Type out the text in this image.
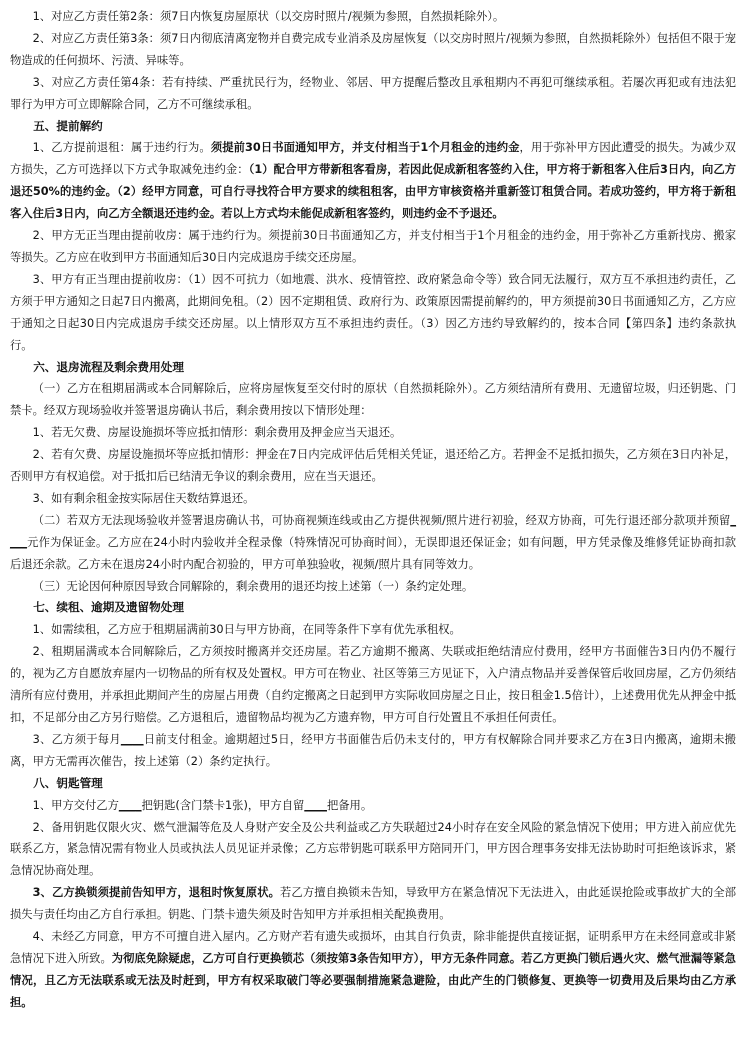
1、对应乙方责任第2条：须7日内恢复房屋原状（以交房时照片/视频为参照，自然损耗除外）。

2、对应乙方责任第3条：须7日内彻底清离宠物并自费完成专业消杀及房屋恢复（以交房时照片/视频为参照，自然损耗除外）包括但不限于宠物造成的任何损坏、污渍、异味等。

3、对应乙方责任第4条：若有持续、严重扰民行为，经物业、邻居、甲方提醒后整改且承租期内不再犯可继续承租。若屡次再犯或有违法犯罪行为甲方可立即解除合同，乙方不可继续承租。

五、提前解约

1、乙方提前退租：属于违约行为。须提前30日书面通知甲方，并支付相当于1个月租金的违约金，用于弥补甲方因此遭受的损失。为减少双方损失，乙方可选择以下方式争取减免违约金：（1）配合甲方带新租客看房，若因此促成新租客签约入住，甲方将于新租客入住后3日内，向乙方退还50%的违约金。（2）经甲方同意，可自行寻找符合甲方要求的续租租客，由甲方审核资格并重新签订租赁合同。若成功签约，甲方将于新租客入住后3日内，向乙方全额退还违约金。若以上方式均未能促成新租客签约，则违约金不予退还。

2、甲方无正当理由提前收房：属于违约行为。须提前30日书面通知乙方，并支付相当于1个月租金的违约金，用于弥补乙方重新找房、搬家等损失。乙方应在收到甲方书面通知后30日内完成退房手续交还房屋。

3、甲方有正当理由提前收房：（1）因不可抗力（如地震、洪水、疫情管控、政府紧急命令等）致合同无法履行，双方互不承担违约责任，乙方须于甲方通知之日起7日内搬离，此期间免租。（2）因不定期租赁、政府行为、政策原因需提前解约的，甲方须提前30日书面通知乙方，乙方应于通知之日起30日内完成退房手续交还房屋。以上情形双方互不承担违约责任。（3）因乙方违约导致解约的，按本合同【第四条】违约条款执行。

六、退房流程及剩余费用处理

（一）乙方在租期届满或本合同解除后，应将房屋恢复至交付时的原状（自然损耗除外）。乙方须结清所有费用、无遗留垃圾，归还钥匙、门禁卡。经双方现场验收并签署退房确认书后，剩余费用按以下情形处理：

1、若无欠费、房屋设施损坏等应抵扣情形：剩余费用及押金应当天退还。

2、若有欠费、房屋设施损坏等应抵扣情形：押金在7日内完成评估后凭相关凭证，退还给乙方。若押金不足抵扣损失，乙方须在3日内补足，否则甲方有权追偿。对于抵扣后已结清无争议的剩余费用，应在当天退还。

3、如有剩余租金按实际居住天数结算退还。

（二）若双方无法现场验收并签署退房确认书，可协商视频连线或由乙方提供视频/照片进行初验，经双方协商，可先行退还部分款项并预留____元作为保证金。乙方应在24小时内验收并全程录像（特殊情况可协商时间），无误即退还保证金；如有问题，甲方凭录像及维修凭证协商扣款后退还余款。乙方未在退房24小时内配合初验的，甲方可单独验收，视频/照片具有同等效力。

（三）无论因何种原因导致合同解除的，剩余费用的退还均按上述第（一）条约定处理。

七、续租、逾期及遗留物处理

1、如需续租，乙方应于租期届满前30日与甲方协商，在同等条件下享有优先承租权。

2、租期届满或本合同解除后，乙方须按时搬离并交还房屋。若乙方逾期不搬离、失联或拒绝结清应付费用，经甲方书面催告3日内仍不履行的，视为乙方自愿放弃屋内一切物品的所有权及处置权。甲方可在物业、社区等第三方见证下，入户清点物品并妥善保管后收回房屋，乙方仍须结清所有应付费用，并承担此期间产生的房屋占用费（自约定搬离之日起到甲方实际收回房屋之日止，按日租金1.5倍计），上述费用优先从押金中抵扣，不足部分由乙方另行赔偿。乙方退租后，遗留物品均视为乙方遗弃物，甲方可自行处置且不承担任何责任。

3、乙方须于每月____日前支付租金。逾期超过5日，经甲方书面催告后仍未支付的，甲方有权解除合同并要求乙方在3日内搬离，逾期未搬离，甲方无需再次催告，按上述第（2）条约定执行。

八、钥匙管理

1、甲方交付乙方____把钥匙(含门禁卡1张)，甲方自留____把备用。

2、备用钥匙仅限火灾、燃气泄漏等危及人身财产安全及公共利益或乙方失联超过24小时存在安全风险的紧急情况下使用；甲方进入前应优先联系乙方，紧急情况需有物业人员或执法人员见证并录像；乙方忘带钥匙可联系甲方陪同开门，甲方因合理事务安排无法协助时可拒绝该诉求，紧急情况协商处理。

3、乙方换锁须提前告知甲方，退租时恢复原状。若乙方擅自换锁未告知，导致甲方在紧急情况下无法进入，由此延误抢险或事故扩大的全部损失与责任均由乙方自行承担。钥匙、门禁卡遗失须及时告知甲方并承担相关配换费用。

4、未经乙方同意，甲方不可擅自进入屋内。乙方财产若有遗失或损坏，由其自行负责，除非能提供直接证据，证明系甲方在未经同意或非紧急情况下进入所致。为彻底免除疑虑，乙方可自行更换锁芯（须按第3条告知甲方），甲方无条件同意。若乙方更换门锁后遇火灾、燃气泄漏等紧急情况，且乙方无法联系或无法及时赶到，甲方有权采取破门等必要强制措施紧急避险，由此产生的门锁修复、更换等一切费用及后果均由乙方承担。
